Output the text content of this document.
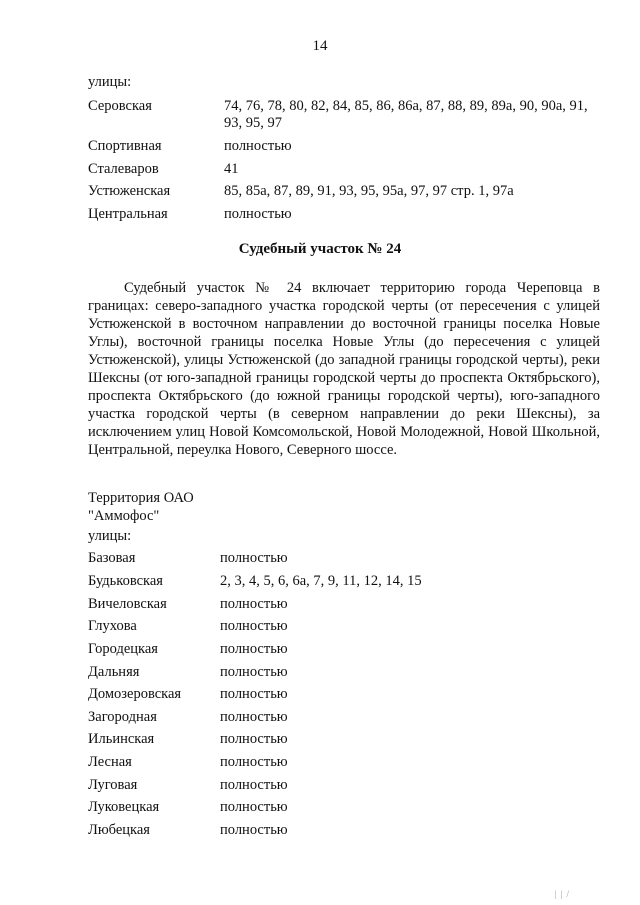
14
улицы:
Серовская	74, 76, 78, 80, 82, 84, 85, 86, 86а, 87, 88, 89, 89а, 90, 90а, 91, 93, 95, 97
Спортивная	полностью
Сталеваров	41
Устюженская	85, 85а, 87, 89, 91, 93, 95, 95а, 97, 97 стр. 1, 97а
Центральная	полностью
Судебный участок № 24

Судебный участок № 24 включает территорию города Череповца в границах: северо-западного участка городской черты (от пересечения с улицей Устюженской в восточном направлении до восточной границы поселка Новые Углы), восточной границы поселка Новые Углы (до пересечения с улицей Устюженской), улицы Устюженской (до западной границы городской черты), реки Шексны (от юго-западной границы городской черты до проспекта Октябрьского), проспекта Октябрьского (до южной границы городской черты), юго-западного участка городской черты (в северном направлении до реки Шексны), за исключением улиц Новой Комсомольской, Новой Молодежной, Новой Школьной, Центральной, переулка Нового, Северного шоссе.

Территория ОАО "Аммофос"
улицы:
Базовая	полностью
Будьковская	2, 3, 4, 5, 6, 6а, 7, 9, 11, 12, 14, 15
Вичеловская	полностью
Глухова	полностью
Городецкая	полностью
Дальняя	полностью
Домозеровская	полностью
Загородная	полностью
Ильинская	полностью
Лесная	полностью
Луговая	полностью
Луковецкая	полностью
Любецкая	полностью
| | /
